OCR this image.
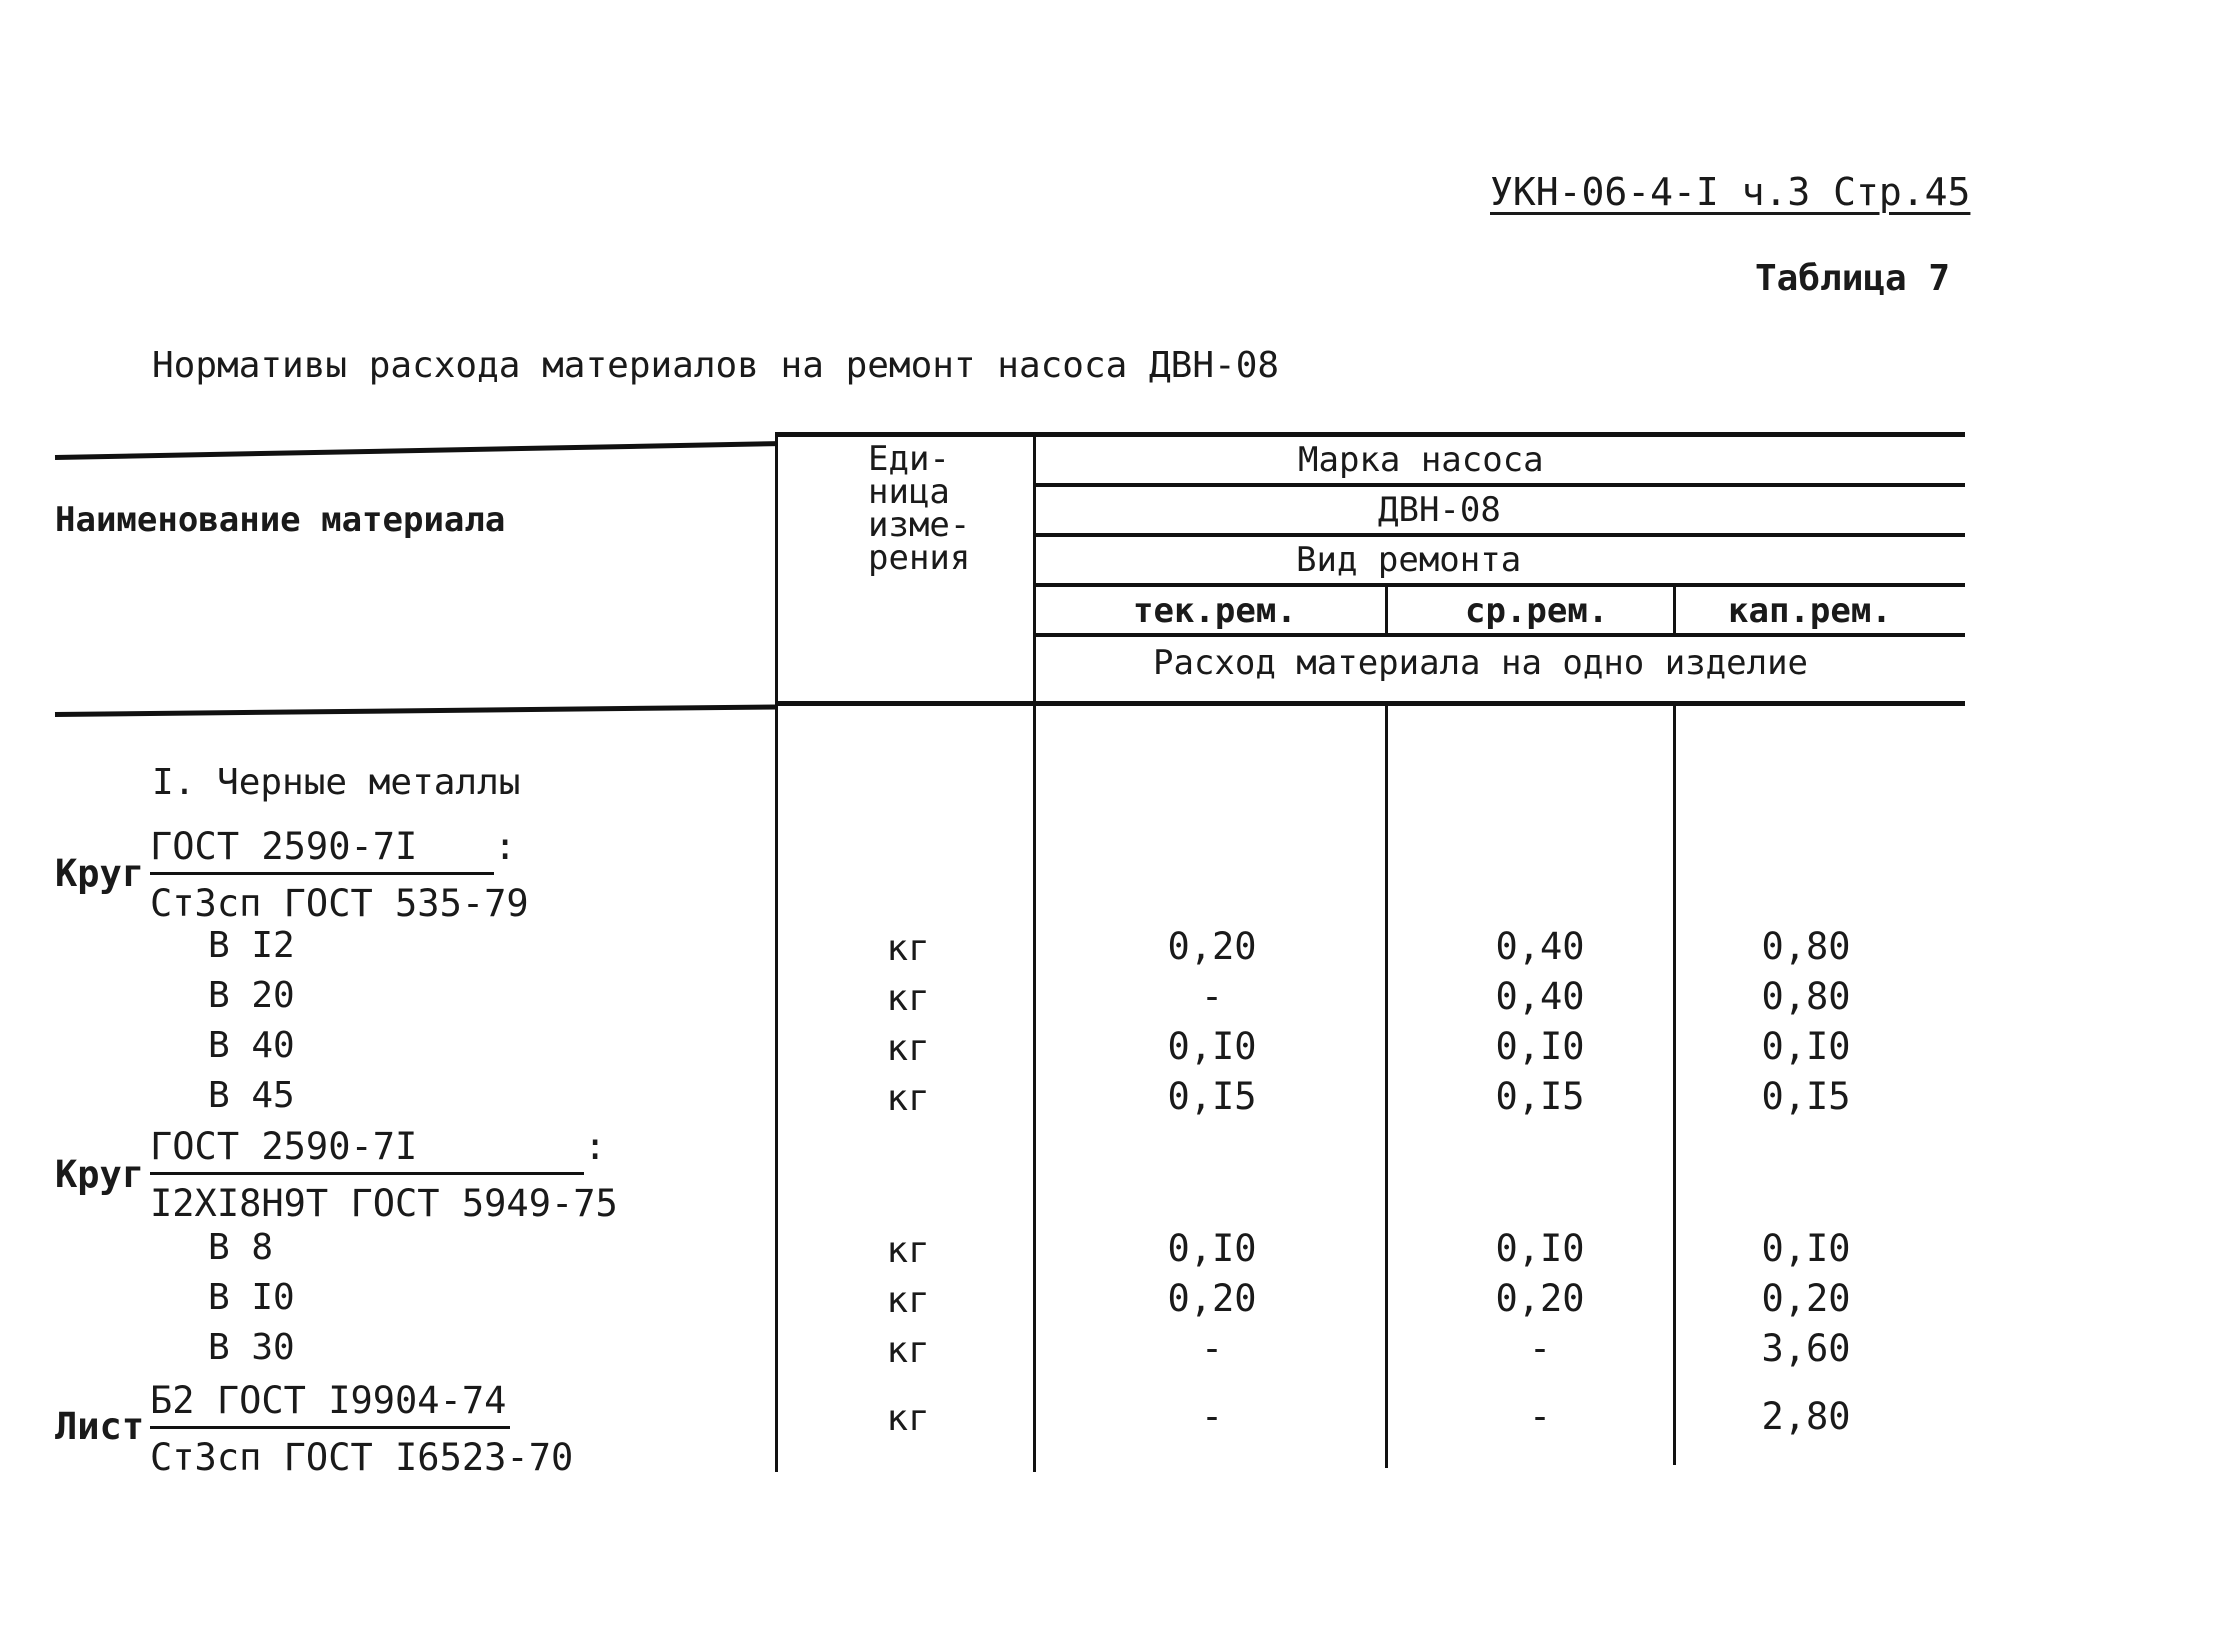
УКН-06-4-I ч.3 Стр.45
Таблица 7
Нормативы расхода материалов на ремонт насоса ДВН-08
Наименование материала
Еди-
ница
изме-
рения
Марка насоса
ДВН-08
Вид ремонта
тек.рем.	ср.рем.	кап.рем.
Расход материала на одно изделие
I. Черные металлы
Круг
ГОСТ 2590-7I :
Ст3сп ГОСТ 535-79
В I2	кг	0,20	0,40	0,80
В 20	кг	-	0,40	0,80
В 40	кг	0,I0	0,I0	0,I0
В 45	кг	0,I5	0,I5	0,I5
Круг
ГОСТ 2590-7I	:
I2XI8H9T ГОСТ 5949-75
В 8	кг	0,I0	0,I0	0,I0
В I0	кг	0,20	0,20	0,20
В 30	кг	-	-	3,60
Лист
Б2 ГОСТ I9904-74
Ст3сп ГОСТ I6523-70
кг	-	-	2,80
